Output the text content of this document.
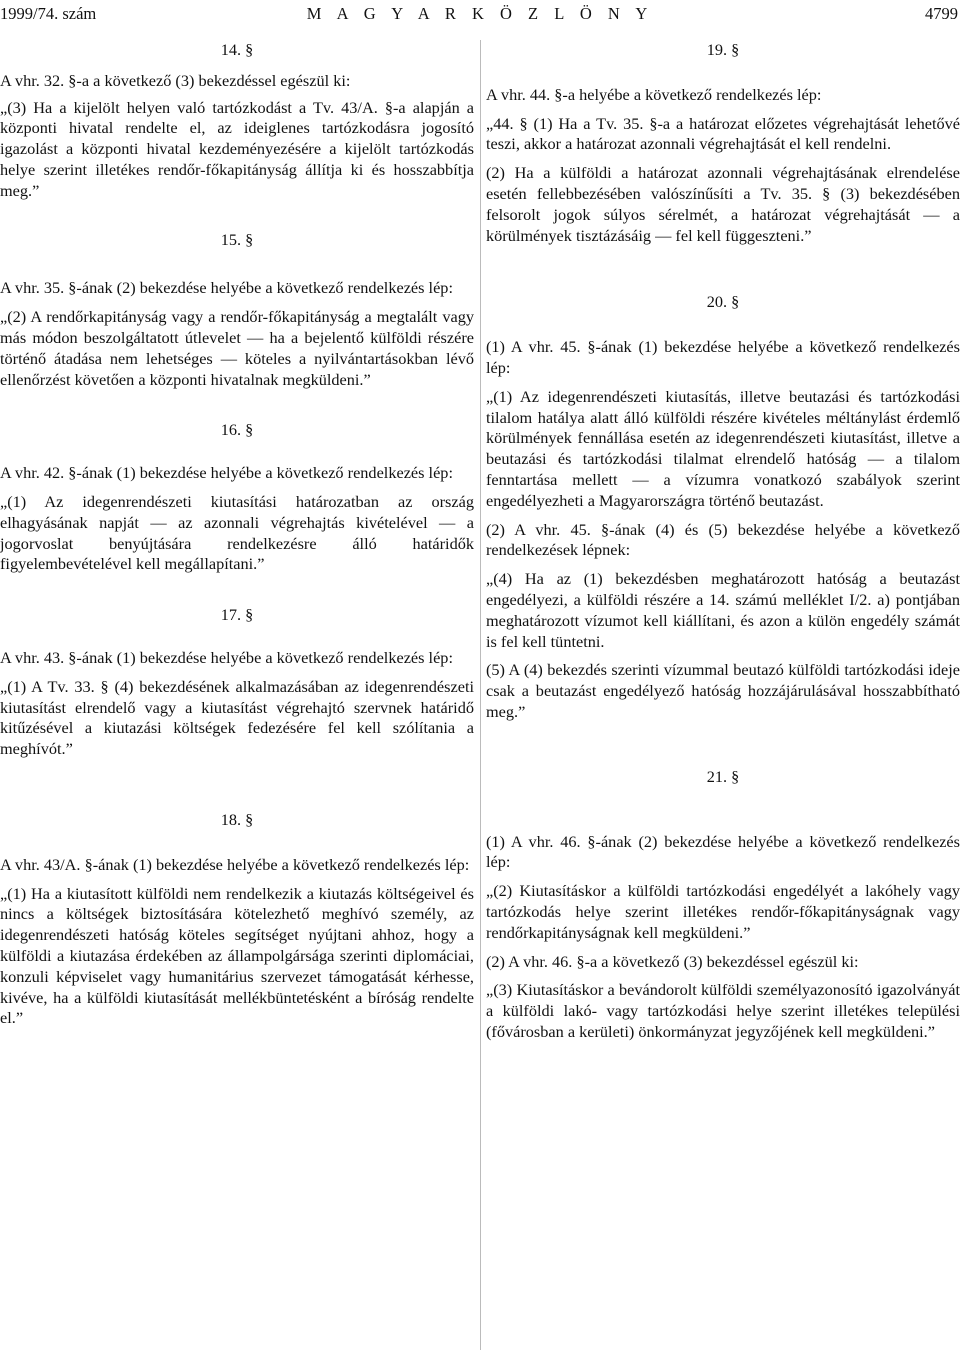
M A G Y A R K Ö Z L Ö N Y
1999/74. szám	4799

14. §

A vhr. 32. §-a a következő (3) bekezdéssel egészül ki:

„(3) Ha a kijelölt helyen való tartózkodást a Tv. 43/A. §-a alapján a központi hivatal rendelte el, az ideiglenes tartózkodásra jogosító igazolást a központi hivatal kezdeményezésére a kijelölt tartózkodás helye szerint illetékes rendőr-főkapitányság állítja ki és hosszabbítja meg.”

15. §

A vhr. 35. §-ának (2) bekezdése helyébe a következő rendelkezés lép:

„(2) A rendőrkapitányság vagy a rendőr-főkapitányság a megtalált vagy más módon beszolgáltatott útlevelet — ha a bejelentő külföldi részére történő átadása nem lehetséges — köteles a nyilvántartásokban lévő ellenőrzést követően a központi hivatalnak megküldeni.”

16. §

A vhr. 42. §-ának (1) bekezdése helyébe a következő rendelkezés lép:

„(1) Az idegenrendészeti kiutasítási határozatban az ország elhagyásának napját — az azonnali végrehajtás kivételével — a jogorvoslat benyújtására rendelkezésre álló határidők figyelembevételével kell megállapítani.”

17. §

A vhr. 43. §-ának (1) bekezdése helyébe a következő rendelkezés lép:

„(1) A Tv. 33. § (4) bekezdésének alkalmazásában az idegenrendészeti kiutasítást elrendelő vagy a kiutasítást végrehajtó szervnek határidő kitűzésével a kiutazási költségek fedezésére fel kell szólítania a meghívót.”

18. §

A vhr. 43/A. §-ának (1) bekezdése helyébe a következő rendelkezés lép:

„(1) Ha a kiutasított külföldi nem rendelkezik a kiutazás költségeivel és nincs a költségek biztosítására kötelezhető meghívó személy, az idegenrendészeti hatóság köteles segítséget nyújtani ahhoz, hogy a külföldi a kiutazása érdekében az állampolgársága szerinti diplomáciai, konzuli képviselet vagy humanitárius szervezet támogatását kérhesse, kivéve, ha a külföldi kiutasítását mellékbüntetésként a bíróság rendelte el.”

19. §

A vhr. 44. §-a helyébe a következő rendelkezés lép:

„44. § (1) Ha a Tv. 35. §-a a határozat előzetes végrehajtását lehetővé teszi, akkor a határozat azonnali végrehajtását el kell rendelni.

(2) Ha a külföldi a határozat azonnali végrehajtásának elrendelése esetén fellebbezésében valószínűsíti a Tv. 35. § (3) bekezdésében felsorolt jogok súlyos sérelmét, a határozat végrehajtását — a körülmények tisztázásáig — fel kell függeszteni.”

20. §

(1) A vhr. 45. §-ának (1) bekezdése helyébe a következő rendelkezés lép:

„(1) Az idegenrendészeti kiutasítás, illetve beutazási és tartózkodási tilalom hatálya alatt álló külföldi részére kivételes méltánylást érdemlő körülmények fennállása esetén az idegenrendészeti kiutasítást, illetve a beutazási és tartózkodási tilalmat elrendelő hatóság — a tilalom fenntartása mellett — a vízumra vonatkozó szabályok szerint engedélyezheti a Magyarországra történő beutazást.

(2) A vhr. 45. §-ának (4) és (5) bekezdése helyébe a következő rendelkezések lépnek:

„(4) Ha az (1) bekezdésben meghatározott hatóság a beutazást engedélyezi, a külföldi részére a 14. számú melléklet I/2. a) pontjában meghatározott vízumot kell kiállítani, és azon a külön engedély számát is fel kell tüntetni.

(5) A (4) bekezdés szerinti vízummal beutazó külföldi tartózkodási ideje csak a beutazást engedélyező hatóság hozzájárulásával hosszabbítható meg.”

21. §

(1) A vhr. 46. §-ának (2) bekezdése helyébe a következő rendelkezés lép:

„(2) Kiutasításkor a külföldi tartózkodási engedélyét a lakóhely vagy tartózkodás helye szerint illetékes rendőr-főkapitányságnak vagy rendőrkapitányságnak kell megküldeni.”

(2) A vhr. 46. §-a a következő (3) bekezdéssel egészül ki:

„(3) Kiutasításkor a bevándorolt külföldi személyazonosító igazolványát a külföldi lakó- vagy tartózkodási helye szerint illetékes települési (fővárosban a kerületi) önkormányzat jegyzőjének kell megküldeni.”
